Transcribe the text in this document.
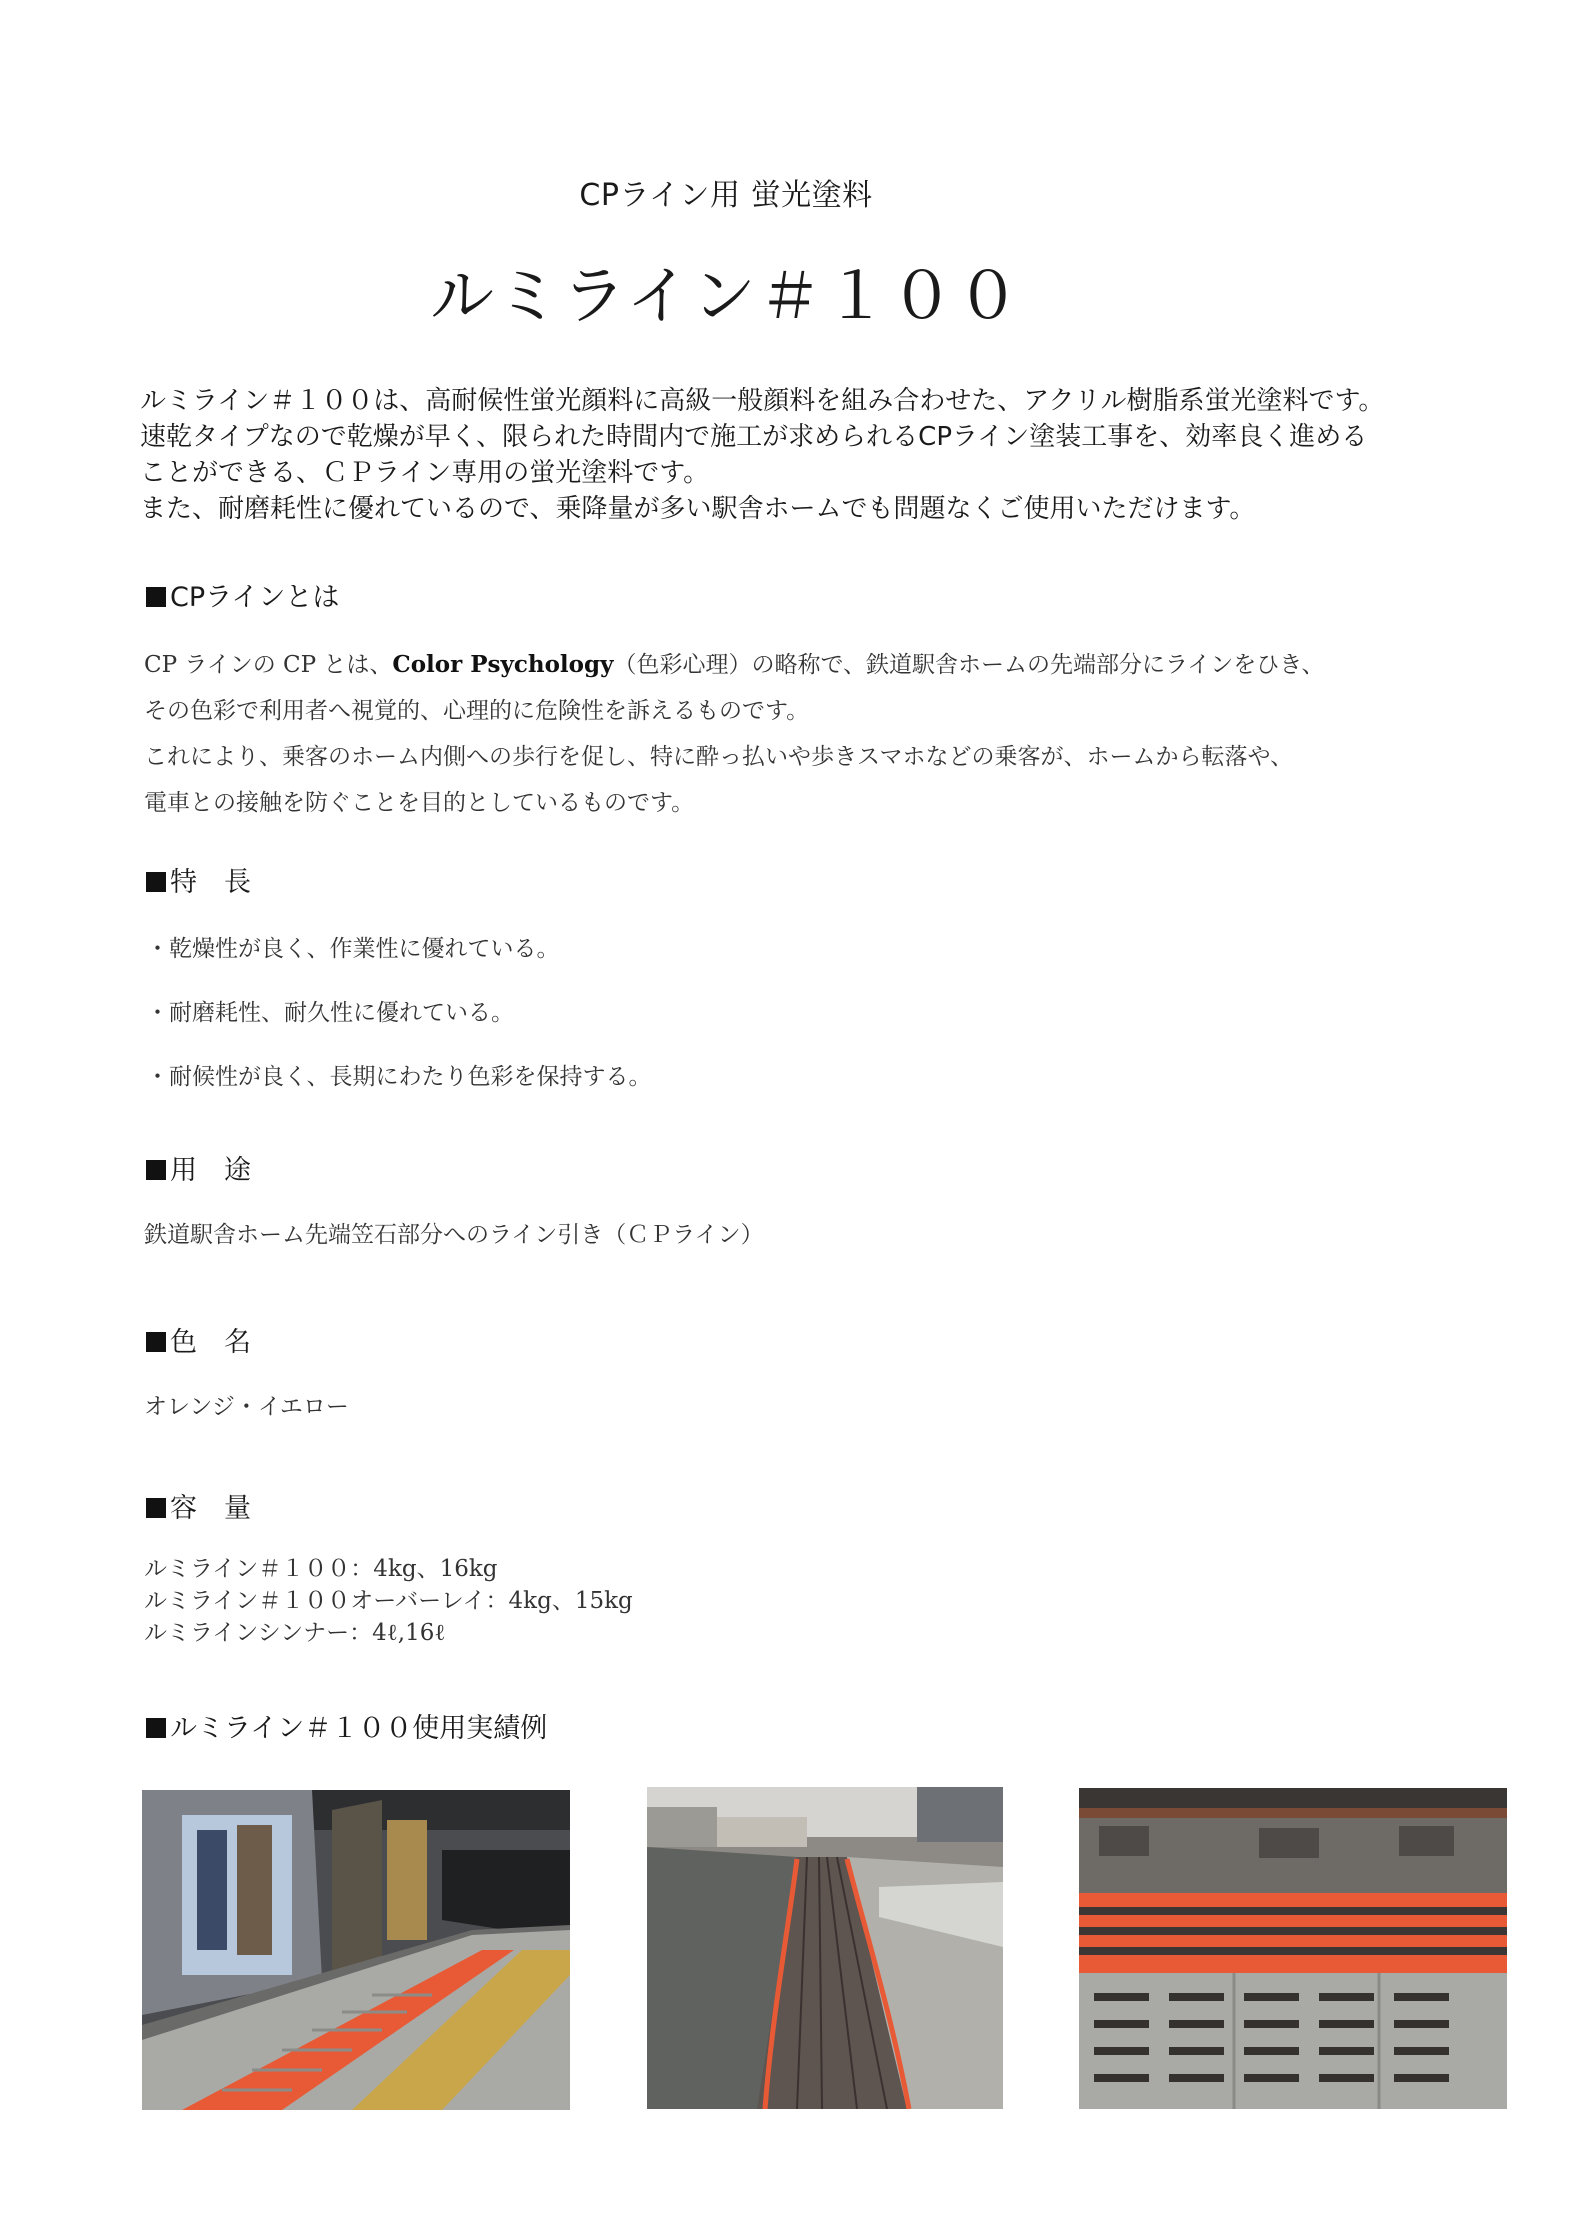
CPライン用 蛍光塗料
ルミライン＃１００

ルミライン＃１００は、高耐候性蛍光顔料に高級一般顔料を組み合わせた、アクリル樹脂系蛍光塗料です。

速乾タイプなので乾燥が早く、限られた時間内で施工が求められるCPライン塗装工事を、効率良く進める

ことができる、ＣＰライン専用の蛍光塗料です。

また、耐磨耗性に優れているので、乗降量が多い駅舎ホームでも問題なくご使用いただけます。

CPラインとは

CP ラインの CP とは、Color Psychology（色彩心理）の略称で、鉄道駅舎ホームの先端部分にラインをひき、

その色彩で利用者へ視覚的、心理的に危険性を訴えるものです。

これにより、乗客のホーム内側への歩行を促し、特に酔っ払いや歩きスマホなどの乗客が、ホームから転落や、

電車との接触を防ぐことを目的としているものです。

特　長
・乾燥性が良く、作業性に優れている。
・耐磨耗性、耐久性に優れている。
・耐候性が良く、長期にわたり色彩を保持する。
用　途
鉄道駅舎ホーム先端笠石部分へのライン引き（ＣＰライン）
色　名
オレンジ・イエロー
容　量
ルミライン＃１００：4kg、16kg
ルミライン＃１００オーバーレイ：4kg、15kg
ルミラインシンナー：4ℓ,16ℓ
ルミライン＃１００使用実績例
